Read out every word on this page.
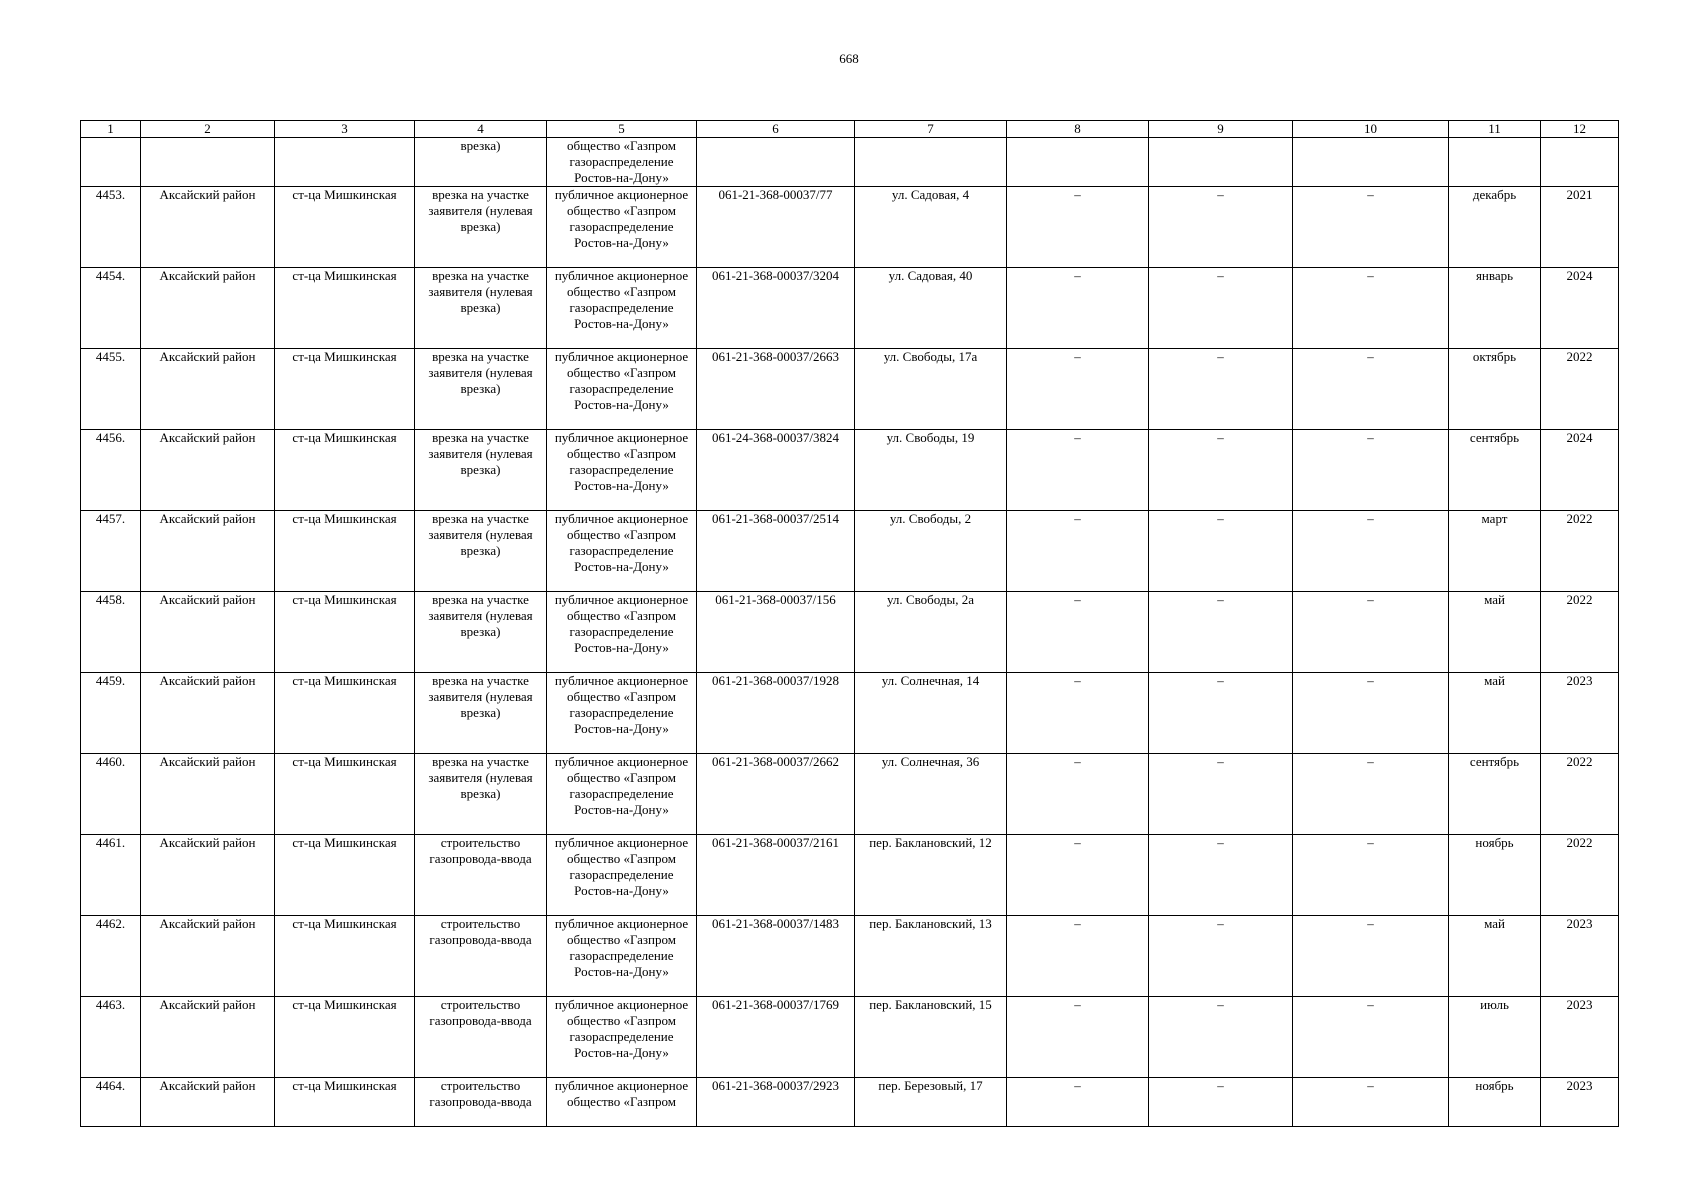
668
1	2	3	4	5	6	7	8	9	10	11	12
			врезка)	общество «Газпром газораспределение Ростов-на-Дону»							
4453.	Аксайский район	ст-ца Мишкинская	врезка на участке заявителя (нулевая врезка)	публичное акционерное общество «Газпром газораспределение Ростов-на-Дону»	061-21-368-00037/77	ул. Садовая, 4	–	–	–	декабрь	2021
4454.	Аксайский район	ст-ца Мишкинская	врезка на участке заявителя (нулевая врезка)	публичное акционерное общество «Газпром газораспределение Ростов-на-Дону»	061-21-368-00037/3204	ул. Садовая, 40	–	–	–	январь	2024
4455.	Аксайский район	ст-ца Мишкинская	врезка на участке заявителя (нулевая врезка)	публичное акционерное общество «Газпром газораспределение Ростов-на-Дону»	061-21-368-00037/2663	ул. Свободы, 17а	–	–	–	октябрь	2022
4456.	Аксайский район	ст-ца Мишкинская	врезка на участке заявителя (нулевая врезка)	публичное акционерное общество «Газпром газораспределение Ростов-на-Дону»	061-24-368-00037/3824	ул. Свободы, 19	–	–	–	сентябрь	2024
4457.	Аксайский район	ст-ца Мишкинская	врезка на участке заявителя (нулевая врезка)	публичное акционерное общество «Газпром газораспределение Ростов-на-Дону»	061-21-368-00037/2514	ул. Свободы, 2	–	–	–	март	2022
4458.	Аксайский район	ст-ца Мишкинская	врезка на участке заявителя (нулевая врезка)	публичное акционерное общество «Газпром газораспределение Ростов-на-Дону»	061-21-368-00037/156	ул. Свободы, 2а	–	–	–	май	2022
4459.	Аксайский район	ст-ца Мишкинская	врезка на участке заявителя (нулевая врезка)	публичное акционерное общество «Газпром газораспределение Ростов-на-Дону»	061-21-368-00037/1928	ул. Солнечная, 14	–	–	–	май	2023
4460.	Аксайский район	ст-ца Мишкинская	врезка на участке заявителя (нулевая врезка)	публичное акционерное общество «Газпром газораспределение Ростов-на-Дону»	061-21-368-00037/2662	ул. Солнечная, 36	–	–	–	сентябрь	2022
4461.	Аксайский район	ст-ца Мишкинская	строительство газопровода-ввода	публичное акционерное общество «Газпром газораспределение Ростов-на-Дону»	061-21-368-00037/2161	пер. Баклановский, 12	–	–	–	ноябрь	2022
4462.	Аксайский район	ст-ца Мишкинская	строительство газопровода-ввода	публичное акционерное общество «Газпром газораспределение Ростов-на-Дону»	061-21-368-00037/1483	пер. Баклановский, 13	–	–	–	май	2023
4463.	Аксайский район	ст-ца Мишкинская	строительство газопровода-ввода	публичное акционерное общество «Газпром газораспределение Ростов-на-Дону»	061-21-368-00037/1769	пер. Баклановский, 15	–	–	–	июль	2023
4464.	Аксайский район	ст-ца Мишкинская	строительство газопровода-ввода	публичное акционерное общество «Газпром	061-21-368-00037/2923	пер. Березовый, 17	–	–	–	ноябрь	2023
